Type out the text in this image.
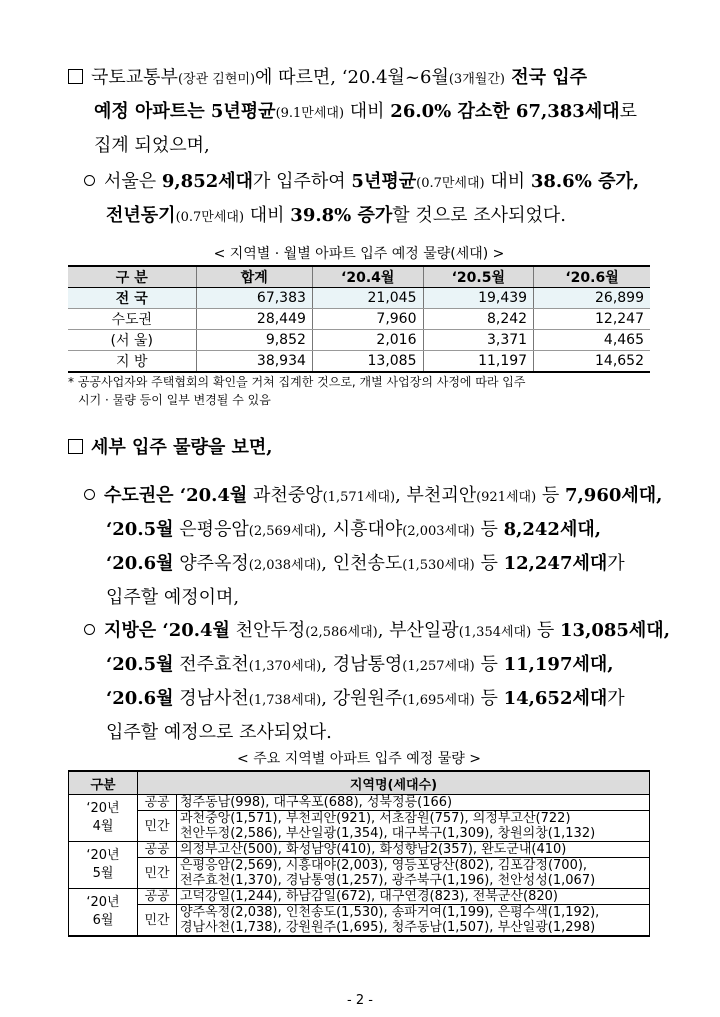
국토교통부(장관 김현미)에 따르면, ‘20.4월~6월(3개월간) 전국 입주
예정 아파트는 5년평균(9.1만세대) 대비 26.0% 감소한 67,383세대로
집계 되었으며,
서울은 9,852세대가 입주하여 5년평균(0.7만세대) 대비 38.6% 증가,
전년동기(0.7만세대) 대비 39.8% 증가할 것으로 조사되었다.
< 지역별 · 월별 아파트 입주 예정 물량(세대) >
구 분	합계	‘20.4월	‘20.5월	‘20.6월
전 국	67,383	21,045	19,439	26,899
수도권	28,449	7,960	8,242	12,247
(서 울)	9,852	2,016	3,371	4,465
지 방	38,934	13,085	11,197	14,652
* 공공사업자와 주택협회의 확인을 거쳐 집계한 것으로, 개별 사업장의 사정에 따라 입주
시기 · 물량 등이 일부 변경될 수 있음
세부 입주 물량을 보면,
수도권은 ‘20.4월 과천중앙(1,571세대), 부천괴안(921세대) 등 7,960세대,
‘20.5월 은평응암(2,569세대), 시흥대야(2,003세대) 등 8,242세대,
‘20.6월 양주옥정(2,038세대), 인천송도(1,530세대) 등 12,247세대가
입주할 예정이며,
지방은 ‘20.4월 천안두정(2,586세대), 부산일광(1,354세대) 등 13,085세대,
‘20.5월 전주효천(1,370세대), 경남통영(1,257세대) 등 11,197세대,
‘20.6월 경남사천(1,738세대), 강원원주(1,695세대) 등 14,652세대가
입주할 예정으로 조사되었다.
< 주요 지역별 아파트 입주 예정 물량 >
구분	지역명(세대수)	

‘20년
4월	공공	청주동남(998), 대구옥포(688), 성북정릉(166)
	민간	과천중앙(1,571), 부천괴안(921), 서초잠원(757), 의정부고산(722)
천안두정(2,586), 부산일광(1,354), 대구북구(1,309), 창원의창(1,132)

‘20년
5월	공공	의정부고산(500), 화성남양(410), 화성향남2(357), 완도군내(410)
	민간	은평응암(2,569), 시흥대야(2,003), 영등포당산(802), 김포감정(700),
전주효천(1,370), 경남통영(1,257), 광주북구(1,196), 천안성성(1,067)

‘20년
6월	공공	고덕강일(1,244), 하남감일(672), 대구연경(823), 전북군산(820)
	민간	양주옥정(2,038), 인천송도(1,530), 송파거여(1,199), 은평수색(1,192),
경남사천(1,738), 강원원주(1,695), 청주동남(1,507), 부산일광(1,298)
- 2 -
